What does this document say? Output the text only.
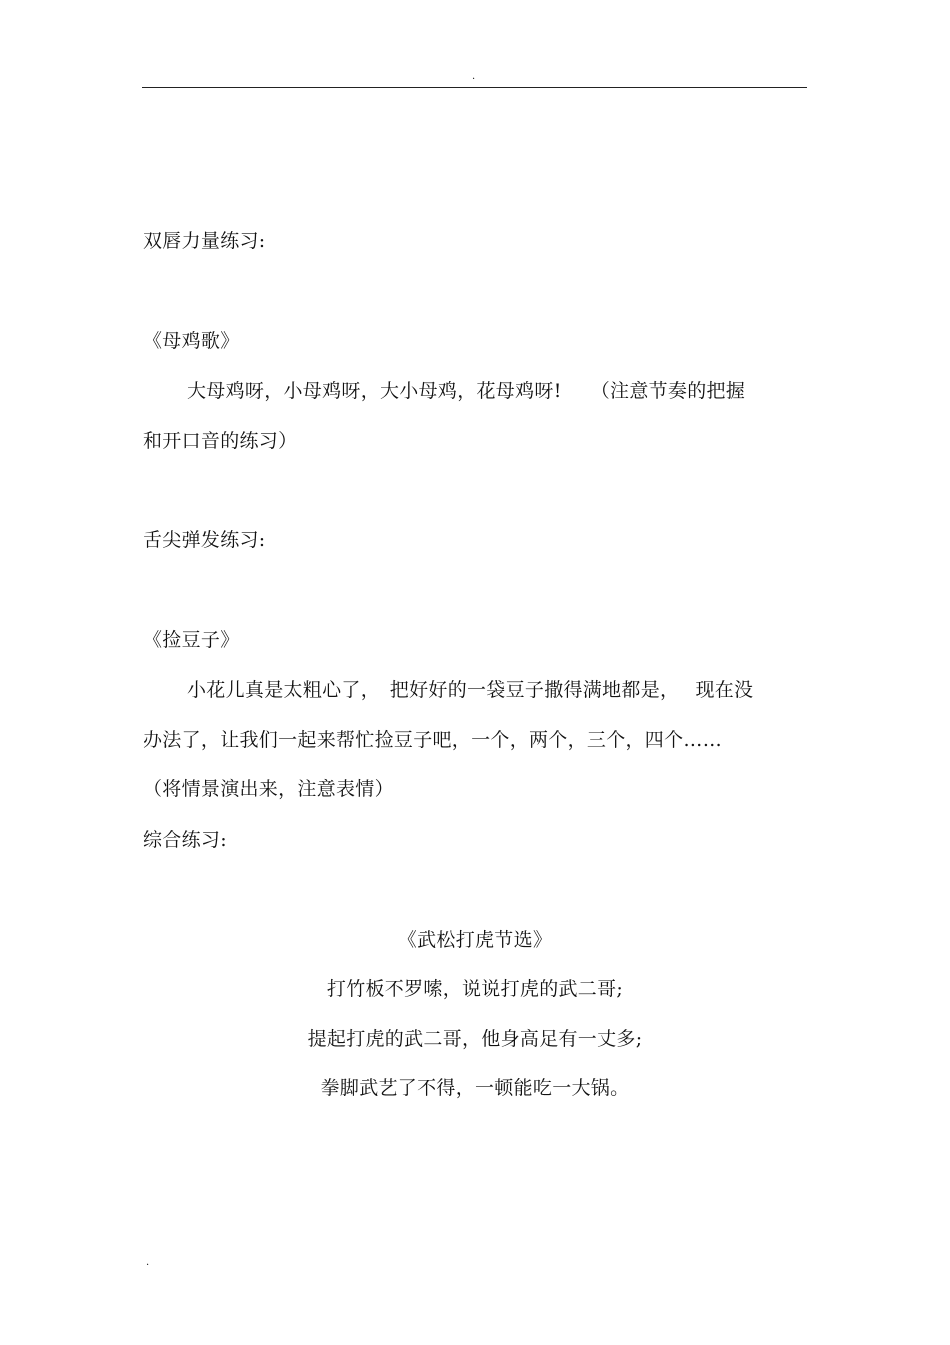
.
双唇力量练习:
《母鸡歌》
大母鸡呀，小母鸡呀，大小母鸡，花母鸡呀!　　（注意节奏的把握
和开口音的练习）
舌尖弹发练习:
《捡豆子》
小花儿真是太粗心了，　把好好的一袋豆子撒得满地都是，　 现在没
办法了，让我们一起来帮忙捡豆子吧，一个，两个，三个，四个……
（将情景演出来，注意表情）
综合练习:
《武松打虎节选》
打竹板不罗嗦，说说打虎的武二哥;
提起打虎的武二哥，他身高足有一丈多;
拳脚武艺了不得，一顿能吃一大锅。
.
